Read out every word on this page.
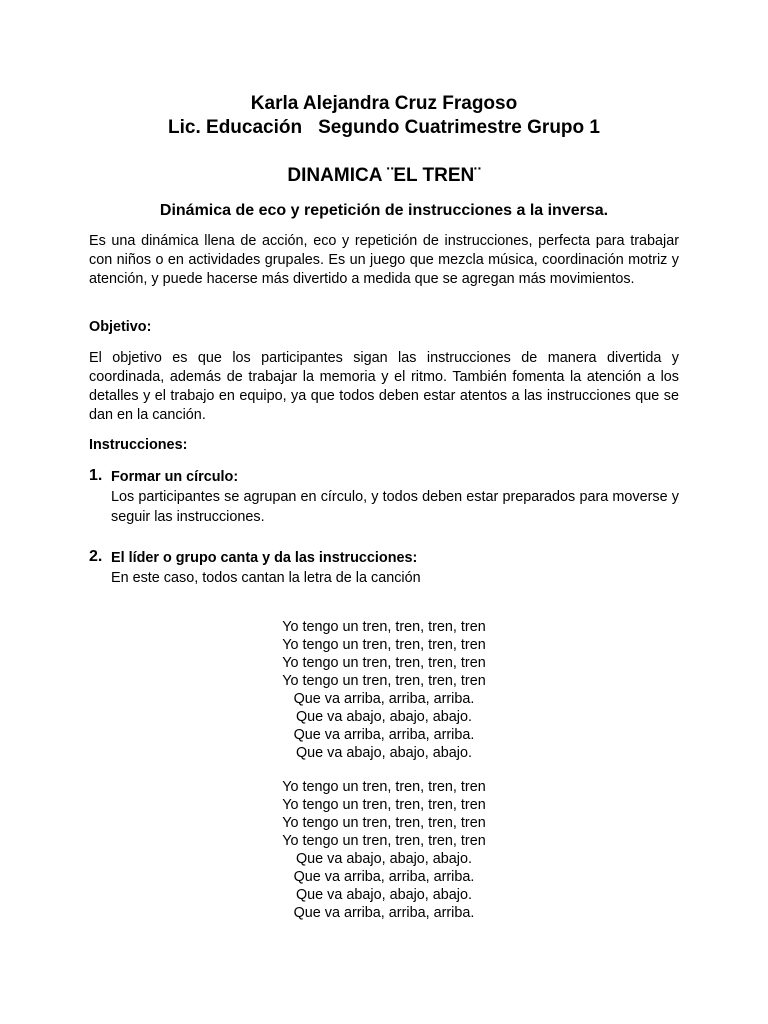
Karla Alejandra Cruz Fragoso
Lic. Educación Segundo Cuatrimestre Grupo 1
DINAMICA ¨EL TREN¨
Dinámica de eco y repetición de instrucciones a la inversa.
Es una dinámica llena de acción, eco y repetición de instrucciones, perfecta para trabajar con niños o en actividades grupales. Es un juego que mezcla música, coordinación motriz y atención, y puede hacerse más divertido a medida que se agregan más movimientos.
Objetivo:
El objetivo es que los participantes sigan las instrucciones de manera divertida y coordinada, además de trabajar la memoria y el ritmo. También fomenta la atención a los detalles y el trabajo en equipo, ya que todos deben estar atentos a las instrucciones que se dan en la canción.
Instrucciones:
1. Formar un círculo:
Los participantes se agrupan en círculo, y todos deben estar preparados para moverse y seguir las instrucciones.
2. El líder o grupo canta y da las instrucciones:
En este caso, todos cantan la letra de la canción
Yo tengo un tren, tren, tren, tren
Yo tengo un tren, tren, tren, tren
Yo tengo un tren, tren, tren, tren
Yo tengo un tren, tren, tren, tren
Que va arriba, arriba, arriba.
Que va abajo, abajo, abajo.
Que va arriba, arriba, arriba.
Que va abajo, abajo, abajo.
Yo tengo un tren, tren, tren, tren
Yo tengo un tren, tren, tren, tren
Yo tengo un tren, tren, tren, tren
Yo tengo un tren, tren, tren, tren
Que va abajo, abajo, abajo.
Que va arriba, arriba, arriba.
Que va abajo, abajo, abajo.
Que va arriba, arriba, arriba.
